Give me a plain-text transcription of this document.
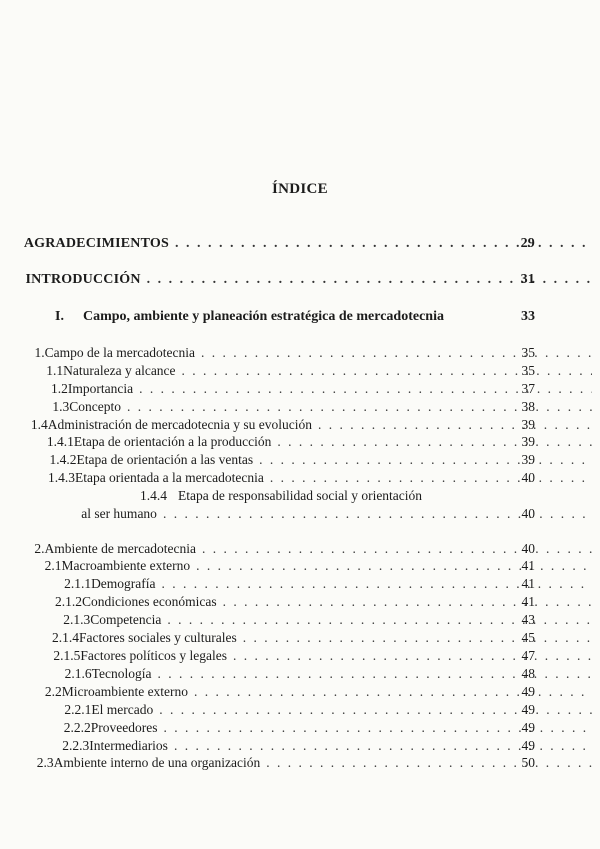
ÍNDICE
AGRADECIMIENTOS . . .	29
INTRODUCCIÓN . . .	31
I.	Campo, ambiente y planeación estratégica de mercadotecnia	33
1. Campo de la mercadotecnia . . .	35
1.1 Naturaleza y alcance . . .	35
1.2 Importancia . . .	37
1.3 Concepto . . .	38
1.4 Administración de mercadotecnia y su evolución . . .	39
1.4.1 Etapa de orientación a la producción . . .	39
1.4.2 Etapa de orientación a las ventas . . .	39
1.4.3 Etapa orientada a la mercadotecnia . . .	40
1.4.4 Etapa de responsabilidad social y orientación
al ser humano . . .	40
2. Ambiente de mercadotecnia . . .	40
2.1 Macroambiente externo . . .	41
2.1.1 Demografía . . .	41
2.1.2 Condiciones económicas . . .	41
2.1.3 Competencia . . .	43
2.1.4 Factores sociales y culturales . . .	45
2.1.5 Factores políticos y legales . . .	47
2.1.6 Tecnología . . .	48
2.2 Microambiente externo . . .	49
2.2.1 El mercado . . .	49
2.2.2 Proveedores . . .	49
2.2.3 Intermediarios . . .	49
2.3 Ambiente interno de una organización . . .	50
